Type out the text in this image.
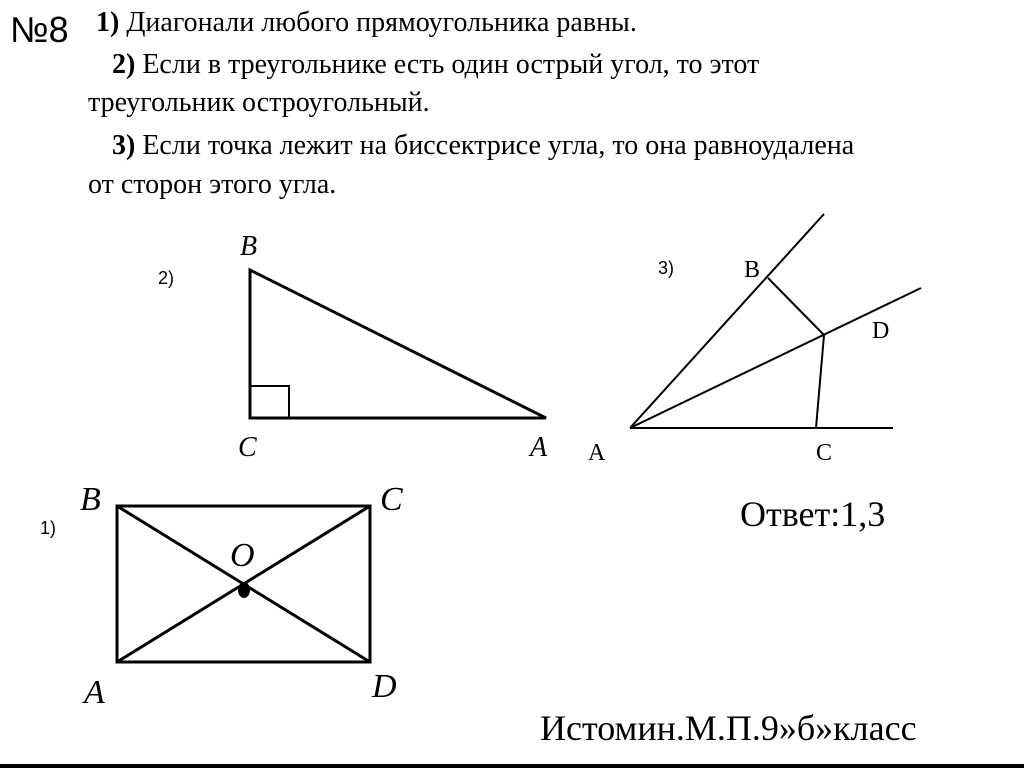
№8 1) Диагонали любого прямоугольника равны.
2) Если в треугольнике есть один острый угол, то этот
треугольник остроугольный.
3) Если точка лежит на биссектрисе угла, то она равноудалена
от сторон этого угла.
2)	3)
1)
B
C	A A
B
C
D
B	C
A	D
O
Ответ:1,3
Истомин.М.П.9»б»класс
